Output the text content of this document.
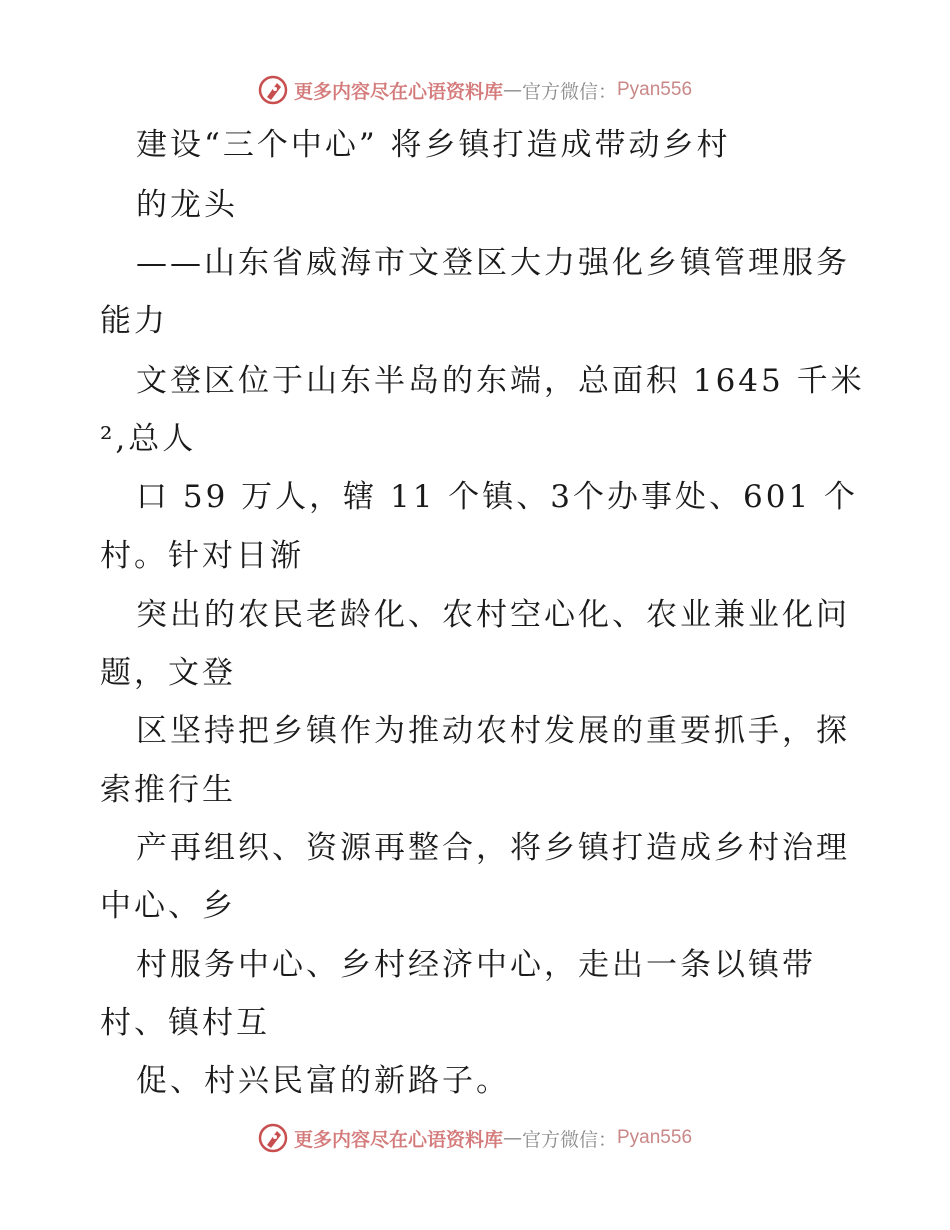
更多内容尽在心语资料库 — 官方微信： Pyan556
建设“三个中心” 将乡镇打造成带动乡村
的龙头
——山东省威海市文登区大力强化乡镇管理服务
能力
文登区位于山东半岛的东端，总面积 1645 千米
²,总人
口 59 万人，辖 11 个镇、3个办事处、601 个
村。针对日渐
突出的农民老龄化、农村空心化、农业兼业化问
题，文登
区坚持把乡镇作为推动农村发展的重要抓手，探
索推行生
产再组织、资源再整合，将乡镇打造成乡村治理
中心、乡
村服务中心、乡村经济中心，走出一条以镇带
村、镇村互
促、村兴民富的新路子。
更多内容尽在心语资料库 — 官方微信： Pyan556
